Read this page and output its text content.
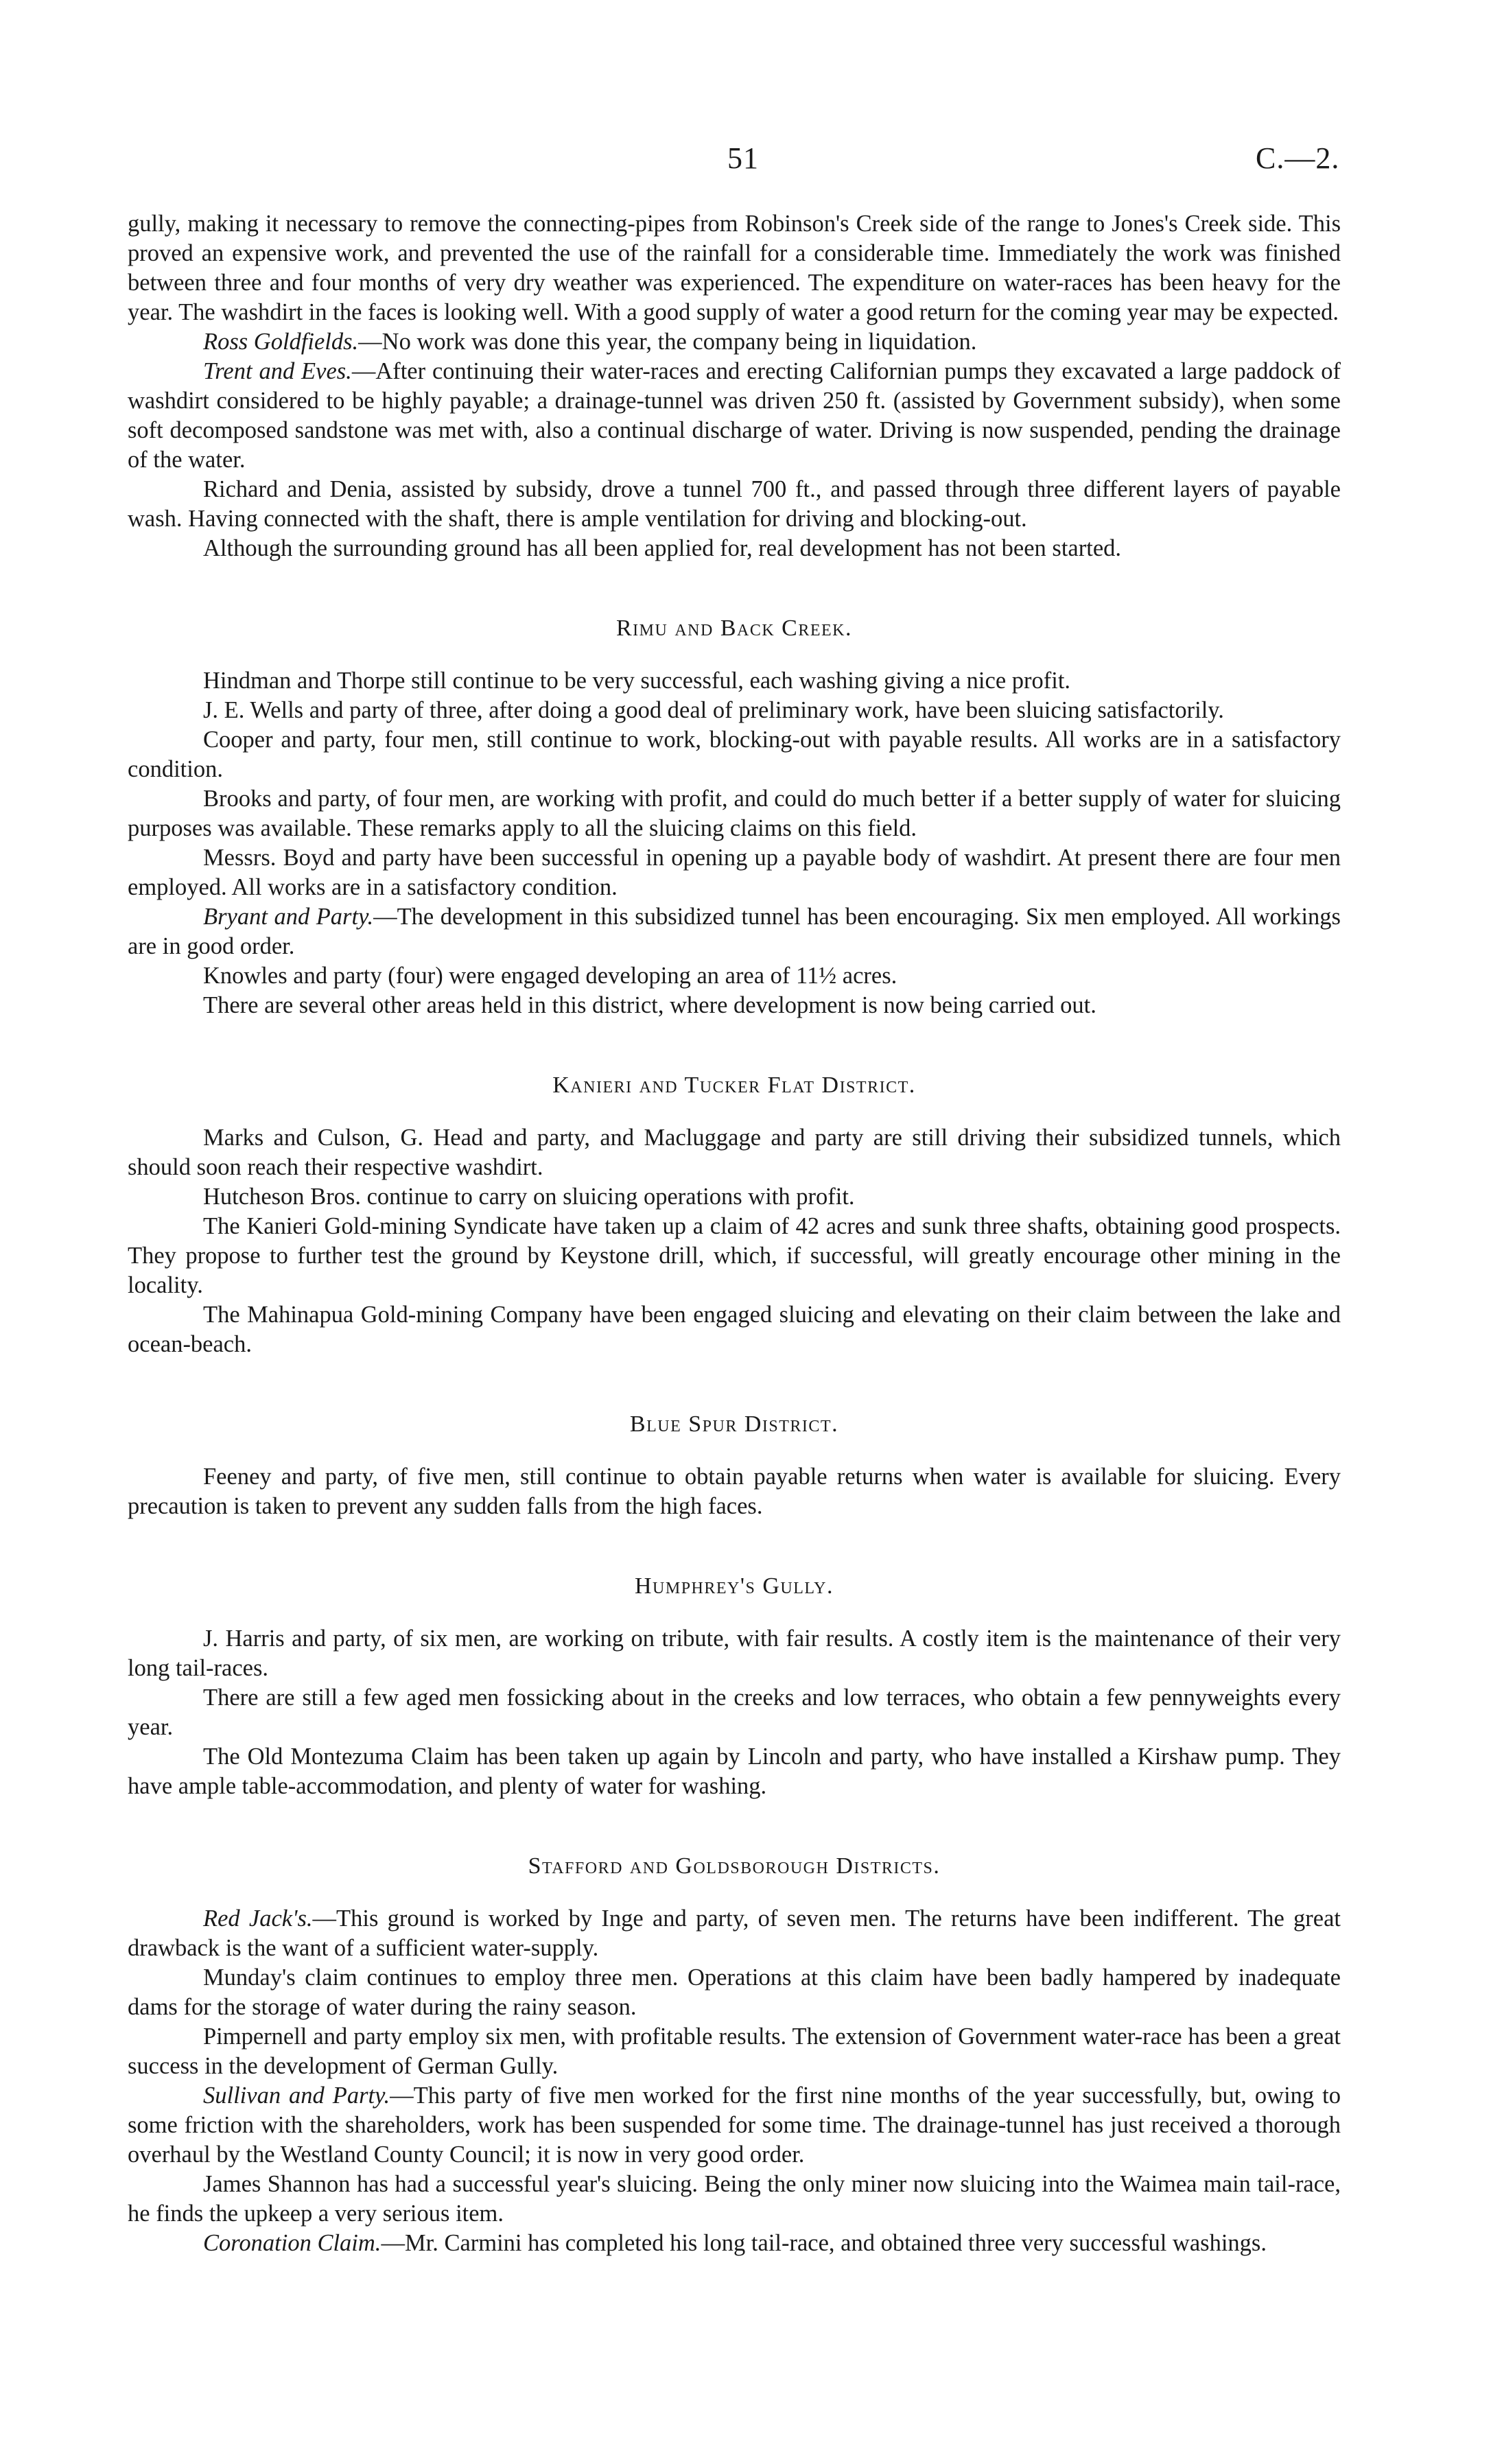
51	C.—2.

gully, making it necessary to remove the connecting-pipes from Robinson's Creek side of the range to Jones's Creek side. This proved an expensive work, and prevented the use of the rainfall for a considerable time. Immediately the work was finished between three and four months of very dry weather was experienced. The expenditure on water-races has been heavy for the year. The washdirt in the faces is looking well. With a good supply of water a good return for the coming year may be expected.

Ross Goldfields.—No work was done this year, the company being in liquidation.

Trent and Eves.—After continuing their water-races and erecting Californian pumps they excavated a large paddock of washdirt considered to be highly payable; a drainage-tunnel was driven 250 ft. (assisted by Government subsidy), when some soft decomposed sandstone was met with, also a continual discharge of water. Driving is now suspended, pending the drainage of the water.

Richard and Denia, assisted by subsidy, drove a tunnel 700 ft., and passed through three different layers of payable wash. Having connected with the shaft, there is ample ventilation for driving and blocking-out.

Although the surrounding ground has all been applied for, real development has not been started.

Rimu and Back Creek.

Hindman and Thorpe still continue to be very successful, each washing giving a nice profit.

J. E. Wells and party of three, after doing a good deal of preliminary work, have been sluicing satisfactorily.

Cooper and party, four men, still continue to work, blocking-out with payable results. All works are in a satisfactory condition.

Brooks and party, of four men, are working with profit, and could do much better if a better supply of water for sluicing purposes was available. These remarks apply to all the sluicing claims on this field.

Messrs. Boyd and party have been successful in opening up a payable body of washdirt. At present there are four men employed. All works are in a satisfactory condition.

Bryant and Party.—The development in this subsidized tunnel has been encouraging. Six men employed. All workings are in good order.

Knowles and party (four) were engaged developing an area of 11½ acres.

There are several other areas held in this district, where development is now being carried out.

Kanieri and Tucker Flat District.

Marks and Culson, G. Head and party, and Macluggage and party are still driving their subsidized tunnels, which should soon reach their respective washdirt.

Hutcheson Bros. continue to carry on sluicing operations with profit.

The Kanieri Gold-mining Syndicate have taken up a claim of 42 acres and sunk three shafts, obtaining good prospects. They propose to further test the ground by Keystone drill, which, if successful, will greatly encourage other mining in the locality.

The Mahinapua Gold-mining Company have been engaged sluicing and elevating on their claim between the lake and ocean-beach.

Blue Spur District.

Feeney and party, of five men, still continue to obtain payable returns when water is available for sluicing. Every precaution is taken to prevent any sudden falls from the high faces.

Humphrey's Gully.

J. Harris and party, of six men, are working on tribute, with fair results. A costly item is the maintenance of their very long tail-races.

There are still a few aged men fossicking about in the creeks and low terraces, who obtain a few pennyweights every year.

The Old Montezuma Claim has been taken up again by Lincoln and party, who have installed a Kirshaw pump. They have ample table-accommodation, and plenty of water for washing.

Stafford and Goldsborough Districts.

Red Jack's.—This ground is worked by Inge and party, of seven men. The returns have been indifferent. The great drawback is the want of a sufficient water-supply.

Munday's claim continues to employ three men. Operations at this claim have been badly hampered by inadequate dams for the storage of water during the rainy season.

Pimpernell and party employ six men, with profitable results. The extension of Government water-race has been a great success in the development of German Gully.

Sullivan and Party.—This party of five men worked for the first nine months of the year successfully, but, owing to some friction with the shareholders, work has been suspended for some time. The drainage-tunnel has just received a thorough overhaul by the Westland County Council; it is now in very good order.

James Shannon has had a successful year's sluicing. Being the only miner now sluicing into the Waimea main tail-race, he finds the upkeep a very serious item.

Coronation Claim.—Mr. Carmini has completed his long tail-race, and obtained three very successful washings.
